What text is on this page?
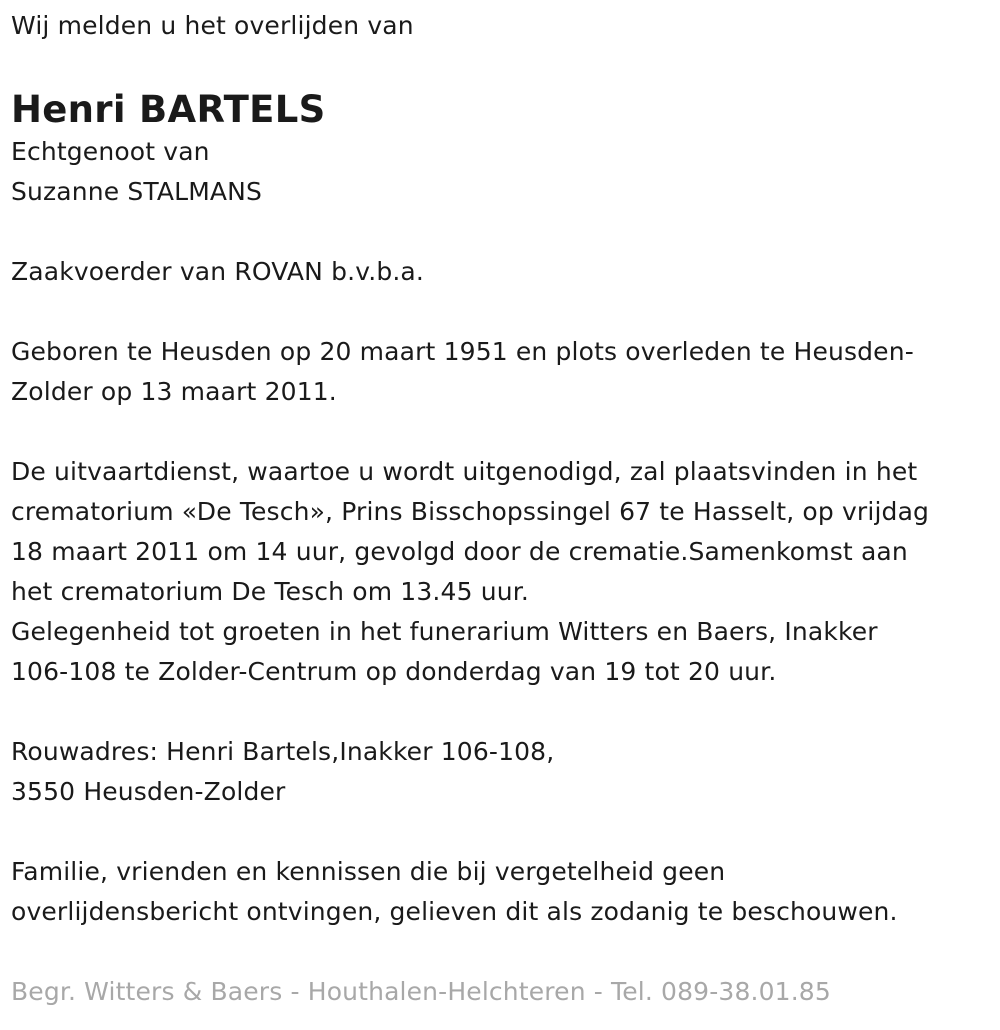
Wij melden u het overlijden van
Henri BARTELS
Echtgenoot van
Suzanne STALMANS
Zaakvoerder van ROVAN b.v.b.a.
Geboren te Heusden op 20 maart 1951 en plots overleden te Heusden-
Zolder op 13 maart 2011.
De uitvaartdienst, waartoe u wordt uitgenodigd, zal plaatsvinden in het
crematorium «De Tesch», Prins Bisschopssingel 67 te Hasselt, op vrijdag
18 maart 2011 om 14 uur, gevolgd door de crematie.Samenkomst aan
het crematorium De Tesch om 13.45 uur.
Gelegenheid tot groeten in het funerarium Witters en Baers, Inakker
106-108 te Zolder-Centrum op donderdag van 19 tot 20 uur.
Rouwadres: Henri Bartels,Inakker 106-108,
3550 Heusden-Zolder
Familie, vrienden en kennissen die bij vergetelheid geen
overlijdensbericht ontvingen, gelieven dit als zodanig te beschouwen.
Begr. Witters & Baers - Houthalen-Helchteren - Tel. 089-38.01.85
